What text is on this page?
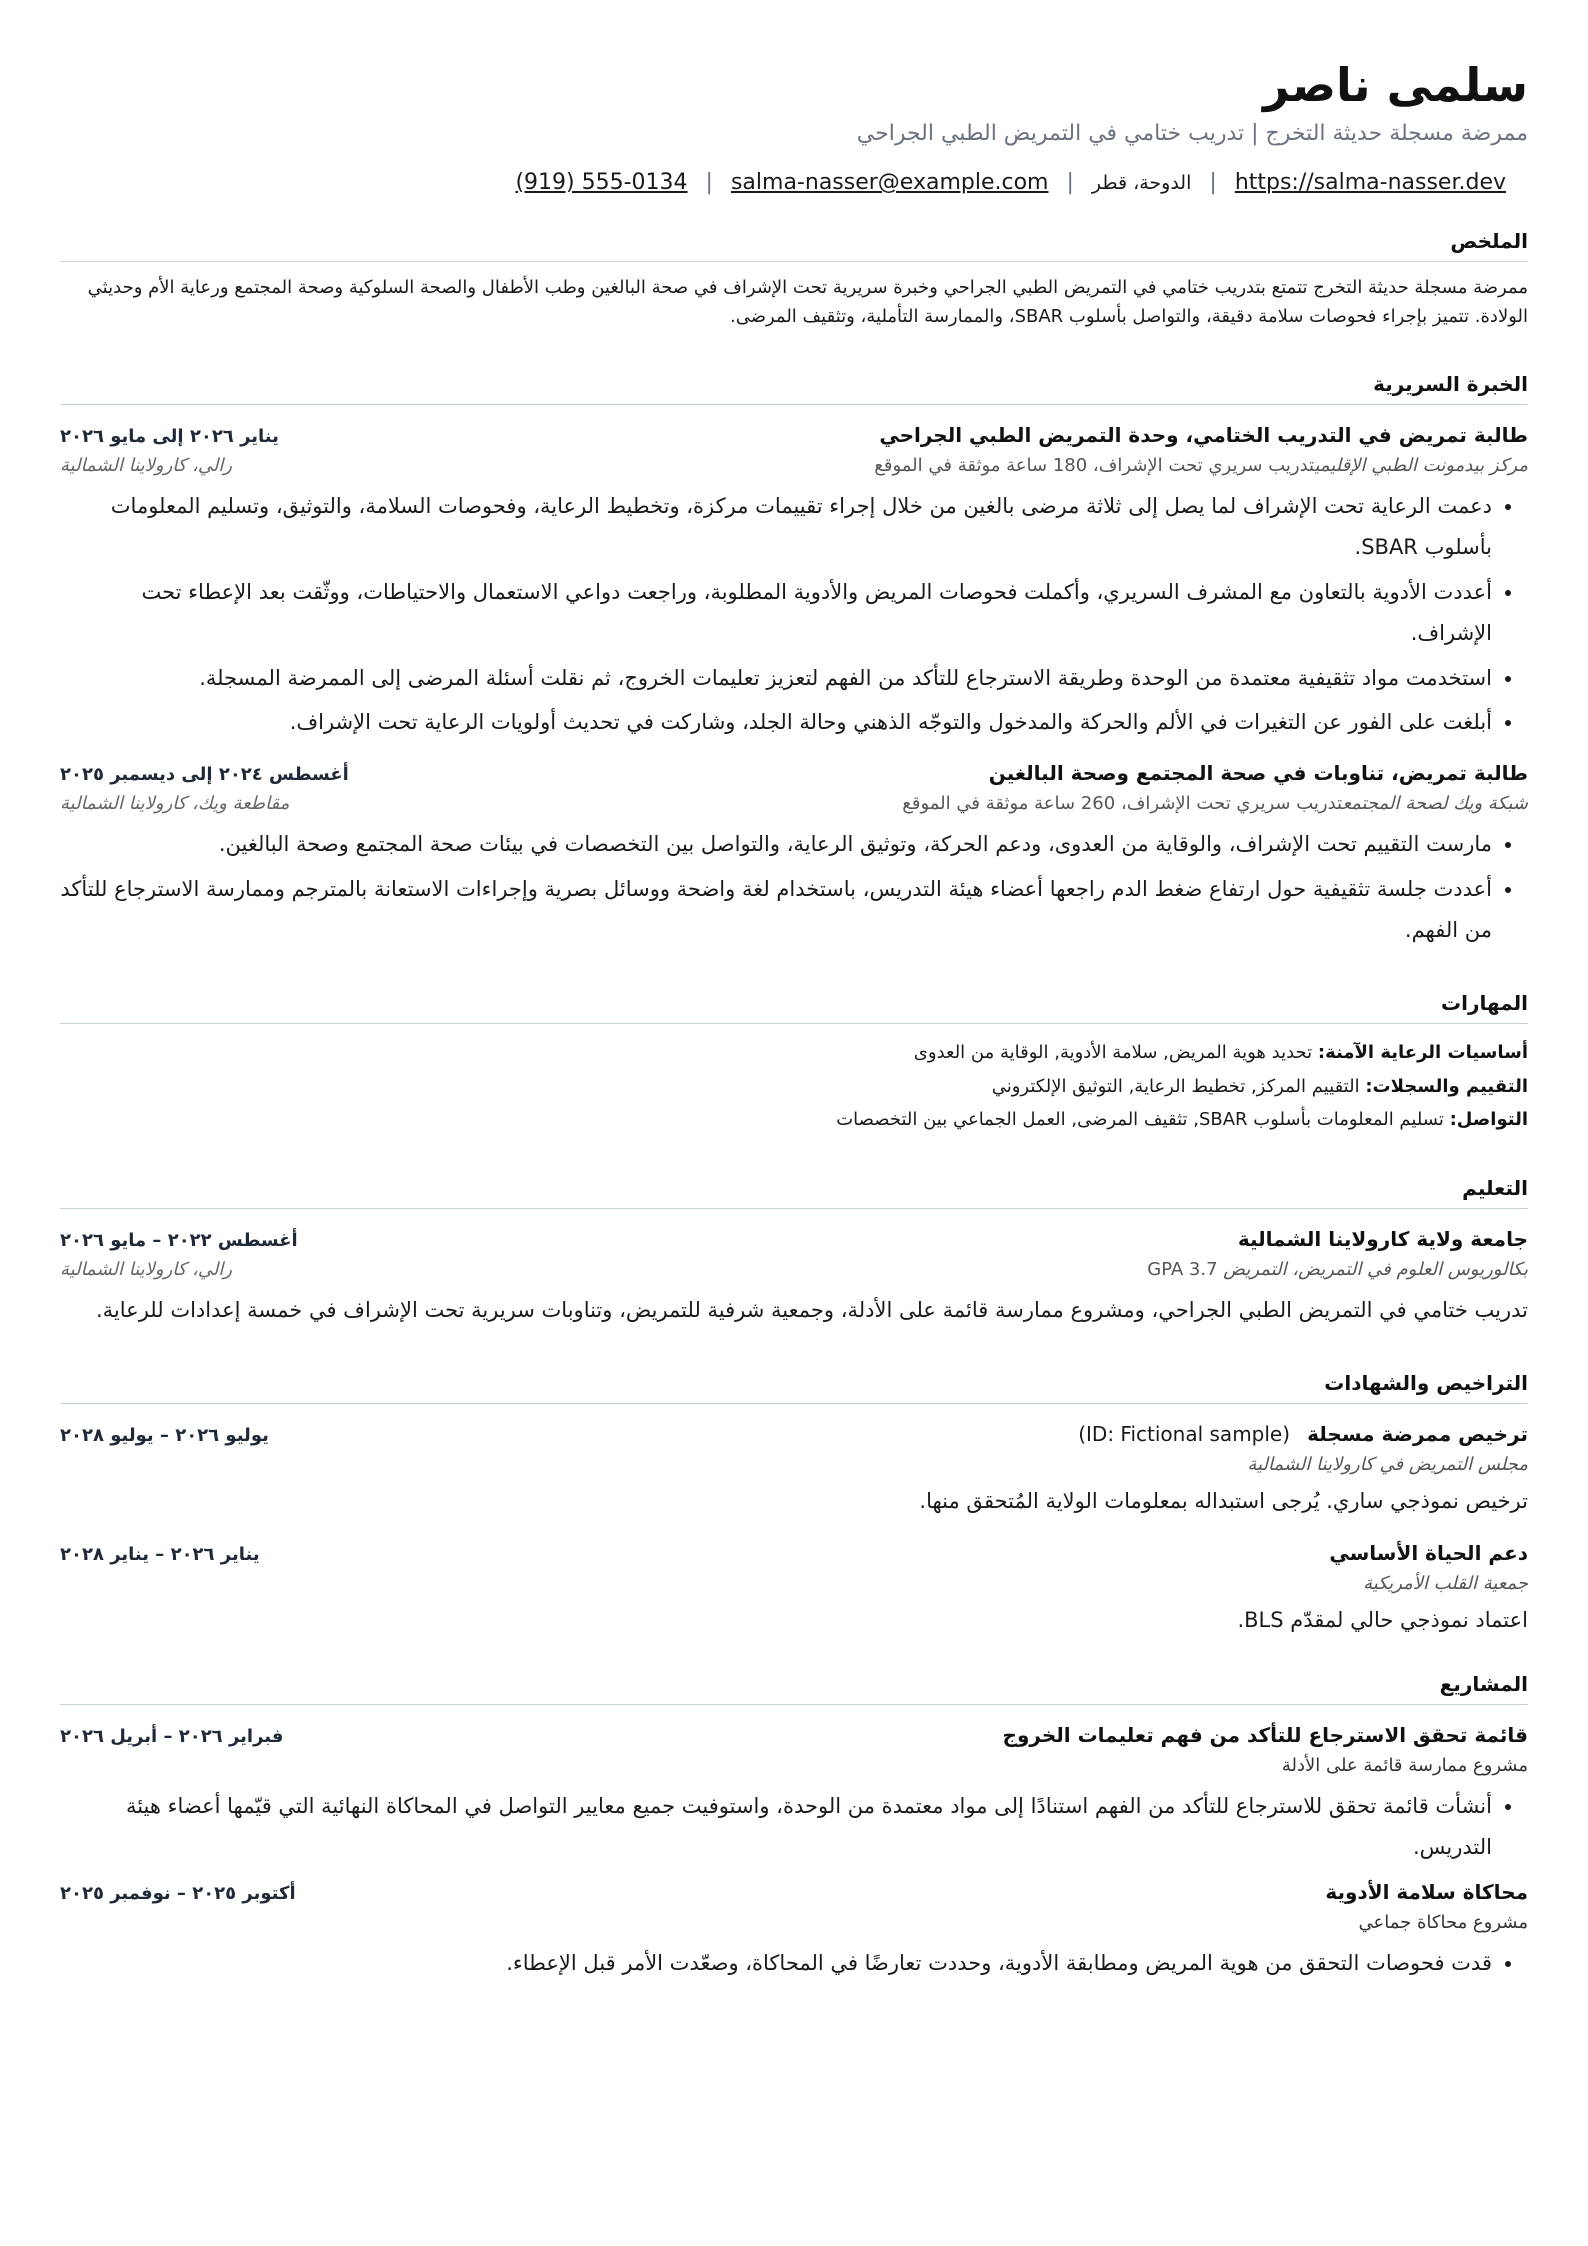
سلمى ناصر
ممرضة مسجلة حديثة التخرج | تدريب ختامي في التمريض الطبي الجراحي
(919) 555-0134 | salma-nasser@example.com | الدوحة، قطر | https://salma-nasser.dev
الملخص

ممرضة مسجلة حديثة التخرج تتمتع بتدريب ختامي في التمريض الطبي الجراحي وخبرة سريرية تحت الإشراف في صحة البالغين وطب الأطفال والصحة السلوكية وصحة المجتمع ورعاية الأم وحديثي الولادة. تتميز بإجراء فحوصات سلامة دقيقة، والتواصل بأسلوب SBAR، والممارسة التأملية، وتثقيف المرضى.

الخبرة السريرية
طالبة تمريض في التدريب الختامي، وحدة التمريض الطبي الجراحي
يناير ٢٠٢٦ إلى مايو ٢٠٢٦
مركز بيدمونت الطبي الإقليميتدريب سريري تحت الإشراف، 180 ساعة موثقة في الموقع
رالي، كارولاينا الشمالية
• دعمت الرعاية تحت الإشراف لما يصل إلى ثلاثة مرضى بالغين من خلال إجراء تقييمات مركزة، وتخطيط الرعاية، وفحوصات السلامة، والتوثيق، وتسليم المعلومات بأسلوب SBAR.
• أعددت الأدوية بالتعاون مع المشرف السريري، وأكملت فحوصات المريض والأدوية المطلوبة، وراجعت دواعي الاستعمال والاحتياطات، ووثّقت بعد الإعطاء تحت الإشراف.
• استخدمت مواد تثقيفية معتمدة من الوحدة وطريقة الاسترجاع للتأكد من الفهم لتعزيز تعليمات الخروج، ثم نقلت أسئلة المرضى إلى الممرضة المسجلة.
• أبلغت على الفور عن التغيرات في الألم والحركة والمدخول والتوجّه الذهني وحالة الجلد، وشاركت في تحديث أولويات الرعاية تحت الإشراف.
طالبة تمريض، تناوبات في صحة المجتمع وصحة البالغين
أغسطس ٢٠٢٤ إلى ديسمبر ٢٠٢٥
شبكة ويك لصحة المجتمعتدريب سريري تحت الإشراف، 260 ساعة موثقة في الموقع
مقاطعة ويك، كارولاينا الشمالية
• مارست التقييم تحت الإشراف، والوقاية من العدوى، ودعم الحركة، وتوثيق الرعاية، والتواصل بين التخصصات في بيئات صحة المجتمع وصحة البالغين.
• أعددت جلسة تثقيفية حول ارتفاع ضغط الدم راجعها أعضاء هيئة التدريس، باستخدام لغة واضحة ووسائل بصرية وإجراءات الاستعانة بالمترجم وممارسة الاسترجاع للتأكد من الفهم.
المهارات
أساسيات الرعاية الآمنة: تحديد هوية المريض, سلامة الأدوية, الوقاية من العدوى
التقييم والسجلات: التقييم المركز, تخطيط الرعاية, التوثيق الإلكتروني
التواصل: تسليم المعلومات بأسلوب SBAR, تثقيف المرضى, العمل الجماعي بين التخصصات
التعليم
جامعة ولاية كارولاينا الشمالية
أغسطس ٢٠٢٢ – مايو ٢٠٢٦
بكالوريوس العلوم في التمريض، التمريض GPA 3.7
رالي، كارولاينا الشمالية
تدريب ختامي في التمريض الطبي الجراحي، ومشروع ممارسة قائمة على الأدلة، وجمعية شرفية للتمريض، وتناوبات سريرية تحت الإشراف في خمسة إعدادات للرعاية.
التراخيص والشهادات
ترخيص ممرضة مسجلة (ID: Fictional sample)
يوليو ٢٠٢٦ – يوليو ٢٠٢٨
مجلس التمريض في كارولاينا الشمالية
ترخيص نموذجي ساري. يُرجى استبداله بمعلومات الولاية المُتحقق منها.
دعم الحياة الأساسي
يناير ٢٠٢٦ – يناير ٢٠٢٨
جمعية القلب الأمريكية
اعتماد نموذجي حالي لمقدّم BLS.
المشاريع
قائمة تحقق الاسترجاع للتأكد من فهم تعليمات الخروج
فبراير ٢٠٢٦ – أبريل ٢٠٢٦
مشروع ممارسة قائمة على الأدلة
• أنشأت قائمة تحقق للاسترجاع للتأكد من الفهم استنادًا إلى مواد معتمدة من الوحدة، واستوفيت جميع معايير التواصل في المحاكاة النهائية التي قيّمها أعضاء هيئة التدريس.
محاكاة سلامة الأدوية
أكتوبر ٢٠٢٥ – نوفمبر ٢٠٢٥
مشروع محاكاة جماعي
• قدت فحوصات التحقق من هوية المريض ومطابقة الأدوية، وحددت تعارضًا في المحاكاة، وصعّدت الأمر قبل الإعطاء.
